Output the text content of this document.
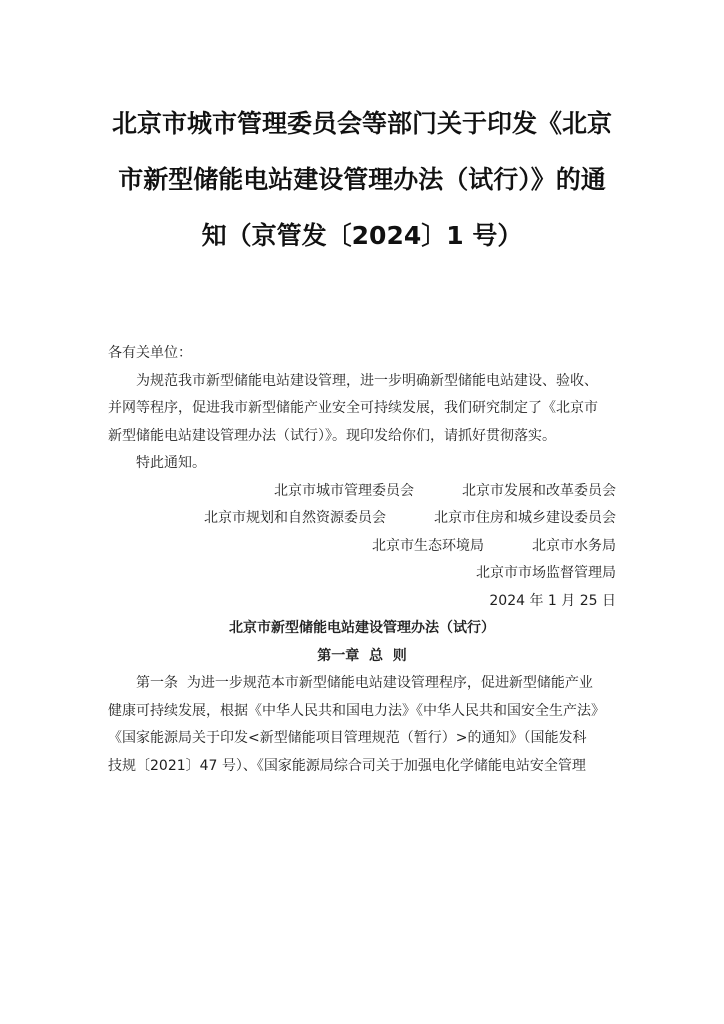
北京市城市管理委员会等部门关于印发《北京
市新型储能电站建设管理办法（试行）》的通
知（京管发〔2024〕1 号）
各有关单位：
为规范我市新型储能电站建设管理，进一步明确新型储能电站建设、验收、
并网等程序，促进我市新型储能产业安全可持续发展，我们研究制定了《北京市
新型储能电站建设管理办法（试行）》。现印发给你们，请抓好贯彻落实。
特此通知。
北京市城市管理委员会	北京市发展和改革委员会
北京市规划和自然资源委员会	北京市住房和城乡建设委员会
北京市生态环境局	北京市水务局
北京市市场监督管理局
2024 年 1 月 25 日
北京市新型储能电站建设管理办法（试行）
第一章  总  则
第一条  为进一步规范本市新型储能电站建设管理程序，促进新型储能产业
健康可持续发展，根据《中华人民共和国电力法》《中华人民共和国安全生产法》
《国家能源局关于印发<新型储能项目管理规范（暂行）>的通知》（国能发科
技规〔2021〕47 号）、《国家能源局综合司关于加强电化学储能电站安全管理
